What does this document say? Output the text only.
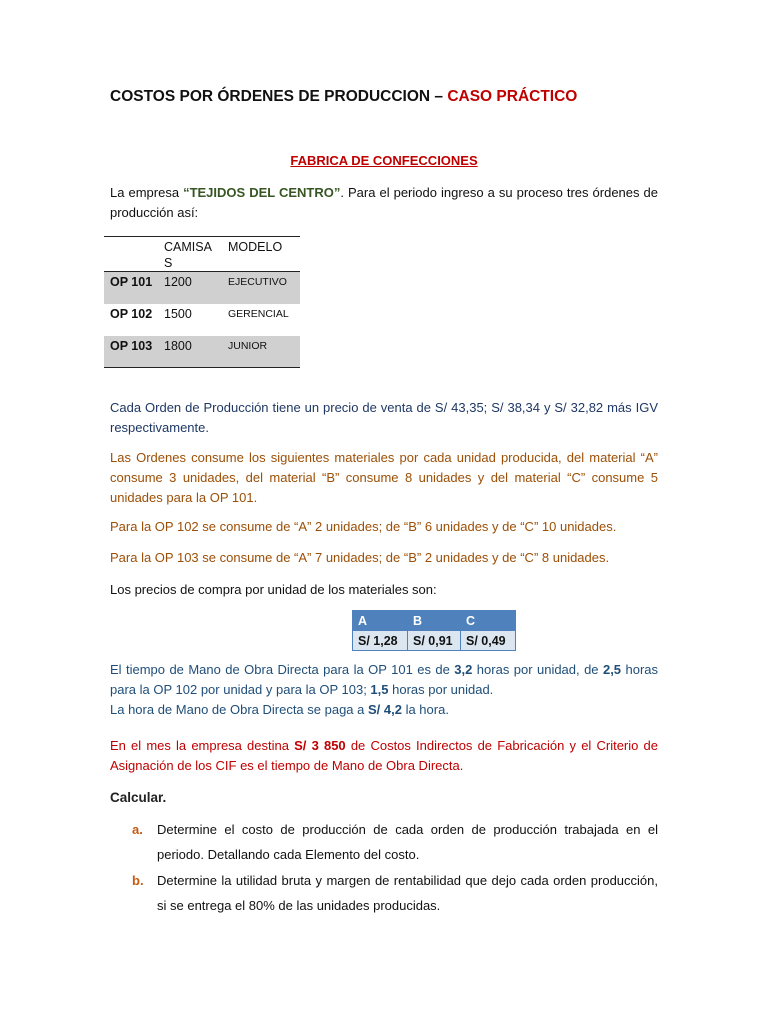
COSTOS POR ÓRDENES DE PRODUCCION – CASO PRÁCTICO
FABRICA DE CONFECCIONES
La empresa “TEJIDOS DEL CENTRO”. Para el periodo ingreso a su proceso tres órdenes de producción así:
	CAMISAS	MODELO
OP 101	1200	EJECUTIVO
OP 102	1500	GERENCIAL
OP 103	1800	JUNIOR
Cada Orden de Producción tiene un precio de venta de S/ 43,35; S/ 38,34 y S/ 32,82 más IGV respectivamente.
Las Ordenes consume los siguientes materiales por cada unidad producida, del material “A” consume 3 unidades, del material “B” consume 8 unidades y del material “C” consume 5 unidades para la OP 101.
Para la OP 102 se consume de “A” 2 unidades; de “B” 6 unidades y de “C” 10 unidades.
Para la OP 103 se consume de “A” 7 unidades; de “B” 2 unidades y de “C” 8 unidades.
Los precios de compra por unidad de los materiales son:
A	B	C
S/ 1,28	S/ 0,91	S/ 0,49
El tiempo de Mano de Obra Directa para la OP 101 es de 3,2 horas por unidad, de 2,5 horas para la OP 102 por unidad y para la OP 103; 1,5 horas por unidad.
La hora de Mano de Obra Directa se paga a S/ 4,2 la hora.
En el mes la empresa destina S/ 3 850 de Costos Indirectos de Fabricación y el Criterio de Asignación de los CIF es el tiempo de Mano de Obra Directa.
Calcular.
a. Determine el costo de producción de cada orden de producción trabajada en el periodo. Detallando cada Elemento del costo.
b. Determine la utilidad bruta y margen de rentabilidad que dejo cada orden producción, si se entrega el 80% de las unidades producidas.
